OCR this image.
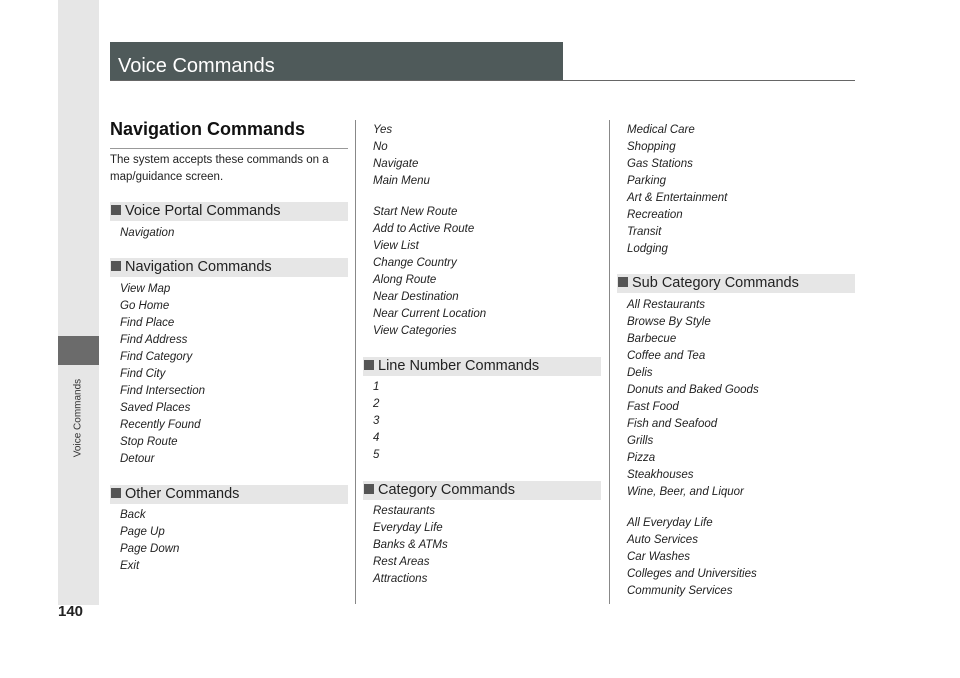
Voice Commands
140
Voice Commands
Navigation Commands
The system accepts these commands on a map/guidance screen.
Voice Portal Commands
Navigation
Navigation Commands
View Map
Go Home
Find Place
Find Address
Find Category
Find City
Find Intersection
Saved Places
Recently Found
Stop Route
Detour
Other Commands
Back
Page Up
Page Down
Exit
Yes
No
Navigate
Main Menu
Start New Route
Add to Active Route
View List
Change Country
Along Route
Near Destination
Near Current Location
View Categories
Line Number Commands
1
2
3
4
5
Category Commands
Restaurants
Everyday Life
Banks & ATMs
Rest Areas
Attractions
Medical Care
Shopping
Gas Stations
Parking
Art & Entertainment
Recreation
Transit
Lodging
Sub Category Commands
All Restaurants
Browse By Style
Barbecue
Coffee and Tea
Delis
Donuts and Baked Goods
Fast Food
Fish and Seafood
Grills
Pizza
Steakhouses
Wine, Beer, and Liquor
All Everyday Life
Auto Services
Car Washes
Colleges and Universities
Community Services
